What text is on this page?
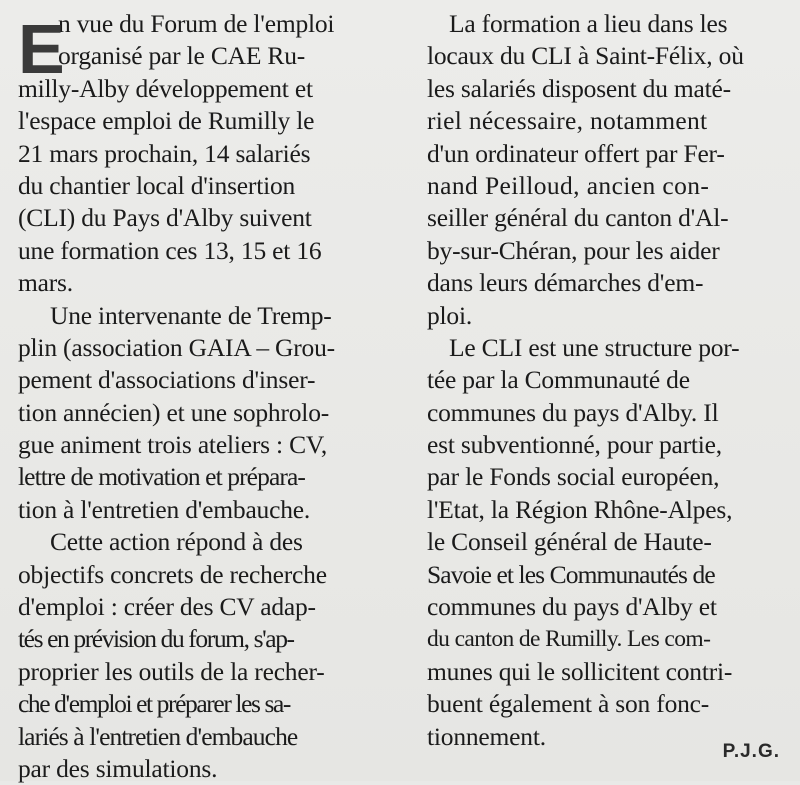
E
n vue du Forum de l'emploi
organisé par le CAE Ru-
milly-Alby développement et
l'espace emploi de Rumilly le
21 mars prochain, 14 salariés
du chantier local d'insertion
(CLI) du Pays d'Alby suivent
une formation ces 13, 15 et 16
mars.
Une intervenante de Tremp-
plin (association GAIA – Grou-
pement d'associations d'inser-
tion annécien) et une sophrolo-
gue animent trois ateliers : CV,
lettre de motivation et prépara-
tion à l'entretien d'embauche.
Cette action répond à des
objectifs concrets de recherche
d'emploi : créer des CV adap-
tés en prévision du forum, s'ap-
proprier les outils de la recher-
che d'emploi et préparer les sa-
lariés à l'entretien d'embauche
par des simulations.
La formation a lieu dans les
locaux du CLI à Saint-Félix, où
les salariés disposent du maté-
riel nécessaire, notamment
d'un ordinateur offert par Fer-
nand Peilloud, ancien con-
seiller général du canton d'Al-
by-sur-Chéran, pour les aider
dans leurs démarches d'em-
ploi.
Le CLI est une structure por-
tée par la Communauté de
communes du pays d'Alby. Il
est subventionné, pour partie,
par le Fonds social européen,
l'Etat, la Région Rhône-Alpes,
le Conseil général de Haute-
Savoie et les Communautés de
communes du pays d'Alby et
du canton de Rumilly. Les com-
munes qui le sollicitent contri-
buent également à son fonc-
tionnement.
P.J.G.
